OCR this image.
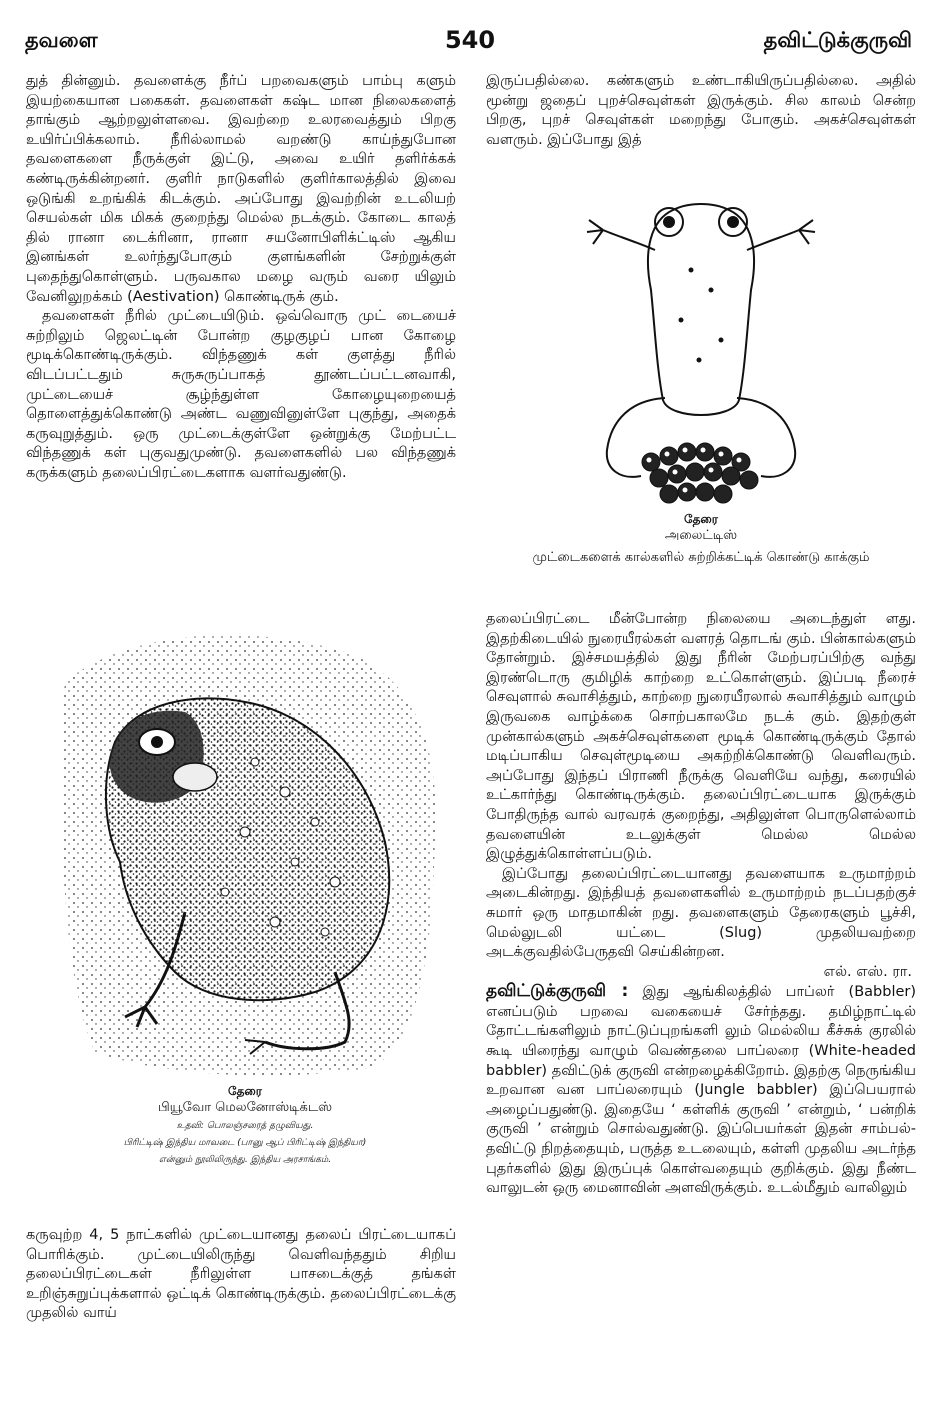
தவளை	540	தவிட்டுக்குருவி

துத் தின்னும். தவளைக்கு நீர்ப் பறவைகளும் பாம்பு களும் இயற்கையான பகைகள். தவளைகள் கஷ்ட மான நிலைகளைத் தாங்கும் ஆற்றலுள்ளவை. இவற்றை உலரவைத்தும் பிறகு உயிர்ப்பிக்கலாம். நீரில்லாமல் வறண்டு காய்ந்துபோன தவளைகளை நீருக்குள் இட்டு, அவை உயிர் தளிர்க்கக் கண்டிருக்கின்றனர். குளிர் நாடுகளில் குளிர்காலத்தில் இவை ஒடுங்கி உறங்கிக் கிடக்கும். அப்போது இவற்றின் உடலியற் செயல்கள் மிக மிகக் குறைந்து மெல்ல நடக்கும். கோடை காலத் தில் ரானா டைக்ரினா, ரானா சயனோபிளிக்ட்டிஸ் ஆகிய இனங்கள் உலர்ந்துபோகும் குளங்களின் சேற்றுக்குள் புதைந்துகொள்ளும். பருவகால மழை வரும் வரை யிலும் வேனிலுறக்கம் (Aestivation) கொண்டிருக் கும்.

தவளைகள் நீரில் முட்டையிடும். ஒவ்வொரு முட் டையைச் சுற்றிலும் ஜெலட்டின் போன்ற குழகுழப் பான கோழை மூடிக்கொண்டிருக்கும். விந்தணுக் கள் குளத்து நீரில் விடப்பட்டதும் சுருசுருப்பாகத் தூண்டப்பட்டனவாகி, முட்டையைச் சூழ்ந்துள்ள கோழையுறையைத் தொளைத்துக்கொண்டு அண்ட வணுவினுள்ளே புகுந்து, அதைக் கருவுறுத்தும். ஒரு முட்டைக்குள்ளே ஒன்றுக்கு மேற்பட்ட விந்தணுக் கள் புகுவதுமுண்டு. தவளைகளில் பல விந்தணுக் கருக்களும் தலைப்பிரட்டைகளாக வளர்வதுண்டு.

இருப்பதில்லை. கண்களும் உண்டாகியிருப்பதில்லை. அதில் மூன்று ஜதைப் புறச்செவுள்கள் இருக்கும். சில காலம் சென்ற பிறகு, புறச் செவுள்கள் மறைந்து போகும். அகச்செவுள்கள் வளரும். இப்போது இத்

தேரை
அலைட்டிஸ்
முட்டைகளைக் கால்களில் சுற்றிக்கட்டிக் கொண்டு காக்கும்
தேரை
பியூவோ மெலனோஸ்டிக்டஸ்
உதவி: பொலஞ்சரைத் தழுவியது.
பிரிட்டிஷ் இந்திய மாவடை (பானு ஆப் பிரிட்டிஷ் இந்தியா)
என்னும் நூலிலிருந்து. இந்திய அரசாங்கம்.

கருவுற்ற 4, 5 நாட்களில் முட்டையானது தலைப் பிரட்டையாகப் பொரிக்கும். முட்டையிலிருந்து வெளிவந்ததும் சிறிய தலைப்பிரட்டைகள் நீரிலுள்ள பாசடைக்குத் தங்கள் உறிஞ்சுறுப்புக்களால் ஒட்டிக் கொண்டிருக்கும். தலைப்பிரட்டைக்கு முதலில் வாய்

தலைப்பிரட்டை மீன்போன்ற நிலையை அடைந்துள் ளது. இதற்கிடையில் நுரையீரல்கள் வளரத் தொடங் கும். பின்கால்களும் தோன்றும். இச்சமயத்தில் இது நீரின் மேற்பரப்பிற்கு வந்து இரண்டொரு குமிழிக் காற்றை உட்கொள்ளும். இப்படி நீரைச் செவுளால் சுவாசித்தும், காற்றை நுரையீரலால் சுவாசித்தும் வாழும் இருவகை வாழ்க்கை சொற்பகாலமே நடக் கும். இதற்குள் முன்கால்களும் அகச்செவுள்களை மூடிக் கொண்டிருக்கும் தோல் மடிப்பாகிய செவுள்மூடியை அகற்றிக்கொண்டு வெளிவரும். அப்போது இந்தப் பிராணி நீருக்கு வெளியே வந்து, கரையில் உட்கார்ந்து கொண்டிருக்கும். தலைப்பிரட்டையாக இருக்கும் போதிருந்த வால் வரவரக் குறைந்து, அதிலுள்ள பொருளெல்லாம் தவளையின் உடலுக்குள் மெல்ல மெல்ல இழுத்துக்கொள்ளப்படும்.

இப்போது தலைப்பிரட்டையானது தவளையாக உருமாற்றம் அடைகின்றது. இந்தியத் தவளைகளில் உருமாற்றம் நடப்பதற்குச் சுமார் ஒரு மாதமாகின் றது. தவளைகளும் தேரைகளும் பூச்சி, மெல்லுடலி யட்டை (Slug) முதலியவற்றை அடக்குவதில்பேருதவி செய்கின்றன.

எல். எஸ். ரா.

தவிட்டுக்குருவி : இது ஆங்கிலத்தில் பாப்லர் (Babbler) எனப்படும் பறவை வகையைச் சேர்ந்தது. தமிழ்நாட்டில் தோட்டங்களிலும் நாட்டுப்புறங்களி லும் மெல்லிய கீச்சுக் குரலில் கூடி யிரைந்து வாழும் வெண்தலை பாப்லரை (White-headed babbler) தவிட்டுக் குருவி என்றழைக்கிறோம். இதற்கு நெருங்கிய உறவான வன பாப்லரையும் (Jungle babbler) இப்பெயரால் அழைப்பதுண்டு. இதையே ‘ கள்ளிக் குருவி ’ என்றும், ‘ பன்றிக் குருவி ’ என்றும் சொல்வதுண்டு. இப்பெயர்கள் இதன் சாம்பல்-தவிட்டு நிறத்தையும், பருத்த உடலையும், கள்ளி முதலிய அடர்ந்த புதர்களில் இது இருப்புக் கொள்வதையும் குறிக்கும். இது நீண்ட வாலுடன் ஒரு மைனாவின் அளவிருக்கும். உடல்மீதும் வாலிலும்
